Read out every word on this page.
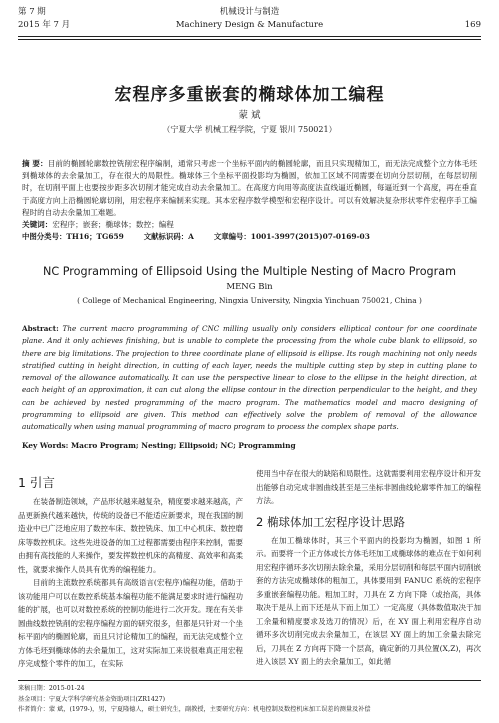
第 7 期	机械设计与制造
2015 年 7 月	Machinery Design & Manufacture	169
宏程序多重嵌套的椭球体加工编程
蒙 斌
（宁夏大学 机械工程学院，宁夏 银川 750021）
摘 要：目前的椭圆轮廓数控铣削宏程序编制，通常只考虑一个坐标平面内的椭圆轮廓，而且只实现精加工，而无法完成整个立方体毛坯到椭球体的去余量加工，存在很大的局限性。椭球体三个坐标平面投影均为椭圆，依加工区域不同需要在切向分层切削，在每层切削时，在切削平面上也要按步距多次切削才能完成自动去余量加工。在高度方向用等高度法直线逼近椭圆，每逼近到一个高度，再在垂直于高度方向上沿椭圆轮廓切削，用宏程序来编制来实现。其本宏程序数学模型和宏程序设计。可以有效解决复杂形状零件宏程序手工编程时的自动去余量加工难题。
关键词：宏程序；嵌套；椭球体；数控；编程
中图分类号：TH16；TG659	文献标识码：A	文章编号：1001-3997(2015)07-0169-03
NC Programming of Ellipsoid Using the Multiple Nesting of Macro Program
MENG Bin
( College of Mechanical Engineering, Ningxia University, Ningxia Yinchuan 750021, China )
Abstract: The current macro programming of CNC milling usually only considers elliptical contour for one coordinate plane. And it only achieves finishing, but is unable to complete the processing from the whole cube blank to ellipsoid, so there are big limitations. The projection to three coordinate plane of ellipsoid is ellipse. Its rough machining not only needs stratified cutting in height direction, in cutting of each layer, needs the multiple cutting step by step in cutting plane to removal of the allowance automatically. It can use the perspective linear to close to the ellipse in the height direction, at each height of an approximation, it can cut along the ellipse contour in the direction perpendicular to the height, and they can be achieved by nested programming of the macro program. The mathematics model and macro designing of programming to ellipsoid are given. This method can effectively solve the problem of removal of the allowance automatically when using manual programming of macro program to process the complex shape parts.
Key Words: Macro Program; Nesting; Ellipsoid; NC; Programming
1 引言

在装备制造领域，产品形状越来越复杂，精度要求越来越高，产品更新换代越来越快，传统的设备已不能适应新要求，现在我国的制造业中已广泛地应用了数控车床、数控铣床、加工中心机床、数控磨床等数控机床。这些先进设备的加工过程都需要由程序来控制，需要由拥有高技能的人来操作，要发挥数控机床的高精度、高效率和高柔性，就要求操作人员具有优秀的编程能力。

目前的主流数控系统都具有高级语言(宏程序)编程功能，借助于该功能用户可以在数控系统基本编程功能不能满足要求时进行编程功能的扩展，也可以对数控系统的控制功能进行二次开发。现在有关非圆曲线数控铣削的宏程序编程方面的研究很多，但都是只针对一个坐标平面内的椭圆轮廓，而且只讨论精加工的编程，而无法完成整个立方体毛坯到椭球体的去余量加工，这对实际加工来说很难真正用宏程序完成整个零件的加工，在实际

使用当中存在很大的缺陷和局限性。这就需要利用宏程序设计和开发出能够自动完成非圆曲线甚至是三坐标非圆曲线轮廓零件加工的编程方法。

2 椭球体加工宏程序设计思路

在加工椭球体时，其三个平面内的投影均为椭圆，如图 1 所示。而要将一个正方体或长方体毛坯加工成椭球体的难点在于如何利用宏程序循环多次切削去除余量，采用分层切削和每层平面内切削嵌套的方法完成椭球体的粗加工，具体要用到 FANUC 系统的宏程序多重嵌套编程功能。粗加工时，刀具在 Z 方向下降（或抬高，具体取决于是从上而下还是从下而上加工）一定高度（具体数值取决于加工余量和精度要求及选刀的情况）后，在 XY 面上利用宏程序自动循环多次切削完成去余量加工，在该层 XY 面上的加工余量去除完后，刀具在 Z 方向再下降一个层高，确定新的刀具位置(X,Z)，再次进入该层 XY 面上的去余量加工，如此循

来稿日期：2015-01-24
基金项目：宁夏大学科学研究基金资助项目(ZR1427)
作者简介：蒙 斌，(1979-)，男，宁夏隆德人，硕士研究生，副教授，主要研究方向：机电控制及数控机床加工误差的测量及补偿
